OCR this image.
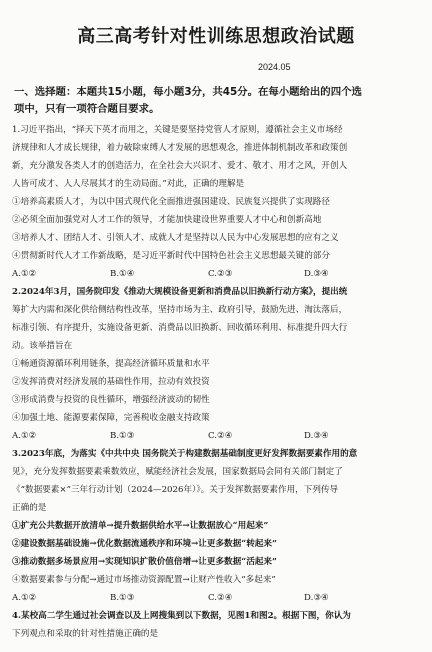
高三高考针对性训练思想政治试题
2024.05
一、选择题：本题共15小题，每小题3分，共45分。在每小题给出的四个选
项中，只有一项符合题目要求。
1.习近平指出，“择天下英才而用之，关键是要坚持党管人才原则，遵循社会主义市场经
济规律和人才成长规律，着力破除束缚人才发展的思想观念，推进体制机制改革和政策创
新，充分激发各类人才的创造活力，在全社会大兴识才、爱才、敬才、用才之风，开创人
人皆可成才、人人尽展其才的生动局面。”对此，正确的理解是
①培养高素质人才，为以中国式现代化全面推进强国建设、民族复兴提供了实现路径
②必须全面加强党对人才工作的领导，才能加快建设世界重要人才中心和创新高地
③培养人才、团结人才、引领人才、成就人才是坚持以人民为中心发展思想的应有之义
④贯彻新时代人才工作新战略，是习近平新时代中国特色社会主义思想最关键的部分
A.①②	B.①④	C.②③	D.③④
2.2024年3月，国务院印发《推动大规模设备更新和消费品以旧换新行动方案》，提出统
筹扩大内需和深化供给侧结构性改革，坚持市场为主、政府引导，鼓励先进、淘汰落后，
标准引领、有序提升，实施设备更新、消费品以旧换新、回收循环利用、标准提升四大行
动。该举措旨在
①畅通资源循环利用链条，提高经济循环质量和水平
②发挥消费对经济发展的基础性作用，拉动有效投资
③形成消费与投资的良性循环，增强经济波动的韧性
④加强土地、能源要素保障，完善税收金融支持政策
A.①②	B.①③	C.②④	D.③④
3.2023年底，为落实《中共中央 国务院关于构建数据基础制度更好发挥数据要素作用的意
见》，充分发挥数据要素乘数效应，赋能经济社会发展，国家数据局会同有关部门制定了
《“数据要素×”三年行动计划（2024—2026年）》。关于发挥数据要素作用，下列传导
正确的是
①扩充公共数据开放清单→提升数据供给水平→让数据放心“用起来”
②建设数据基础设施→优化数据流通秩序和环境→让更多数据“转起来”
③推动数据多场景应用→实现知识扩散价值倍增→让更多数据“活起来”
④数据要素参与分配→通过市场推动资源配置→让财产性收入“多起来”
A.①②	B.①③	C.②④	D.③④
4.某校高二学生通过社会调查以及上网搜集到以下数据，见图1和图2。根据下图，你认为
下列观点和采取的针对性措施正确的是
